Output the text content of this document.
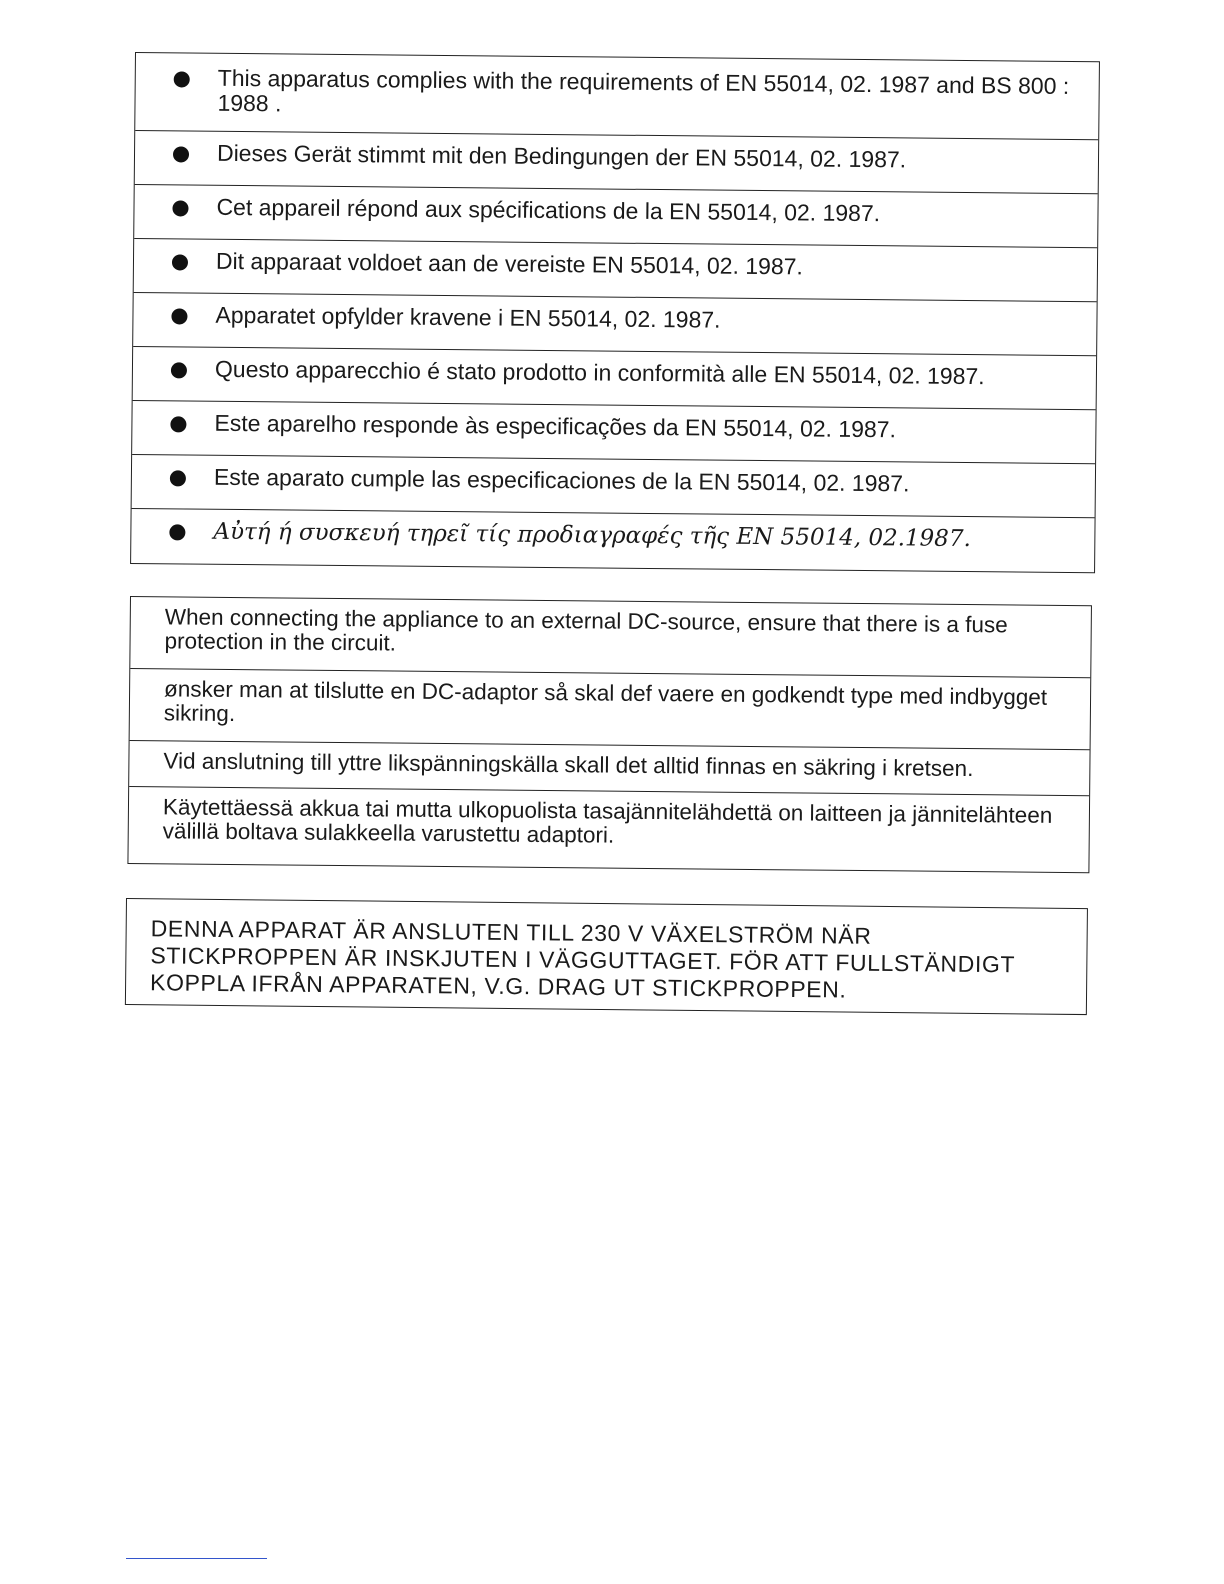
This apparatus complies with the requirements of EN 55014, 02. 1987 and BS 800 : 1988 .
Dieses Gerät stimmt mit den Bedingungen der EN 55014, 02. 1987.
Cet appareil répond aux spécifications de la EN 55014, 02. 1987.
Dit apparaat voldoet aan de vereiste EN 55014, 02. 1987.
Apparatet opfylder kravene i EN 55014, 02. 1987.
Questo apparecchio é stato prodotto in conformità alle EN 55014, 02. 1987.
Este aparelho responde às especificações da EN 55014, 02. 1987.
Este aparato cumple las especificaciones de la EN 55014, 02. 1987.
Αὐτή ή συσκευή τηρεῖ τίς προδιαγραφές τῆς EN 55014, 02.1987.
When connecting the appliance to an external DC-source, ensure that there is a fuse protection in the circuit.
ønsker man at tilslutte en DC-adaptor så skal def vaere en godkendt type med indbygget sikring.
Vid anslutning till yttre likspänningskälla skall det alltid finnas en säkring i kretsen.
Käytettäessä akkua tai mutta ulkopuolista tasajännitelähdettä on laitteen ja jännitelähteen välillä boltava sulakkeella varustettu adaptori.
DENNA APPARAT ÄR ANSLUTEN TILL 230 V VÄXELSTRÖM NÄR STICKPROPPEN ÄR INSKJUTEN I VÄGGUTTAGET. FÖR ATT FULLSTÄNDIGT KOPPLA IFRÅN APPARATEN, V.G. DRAG UT STICKPROPPEN.
